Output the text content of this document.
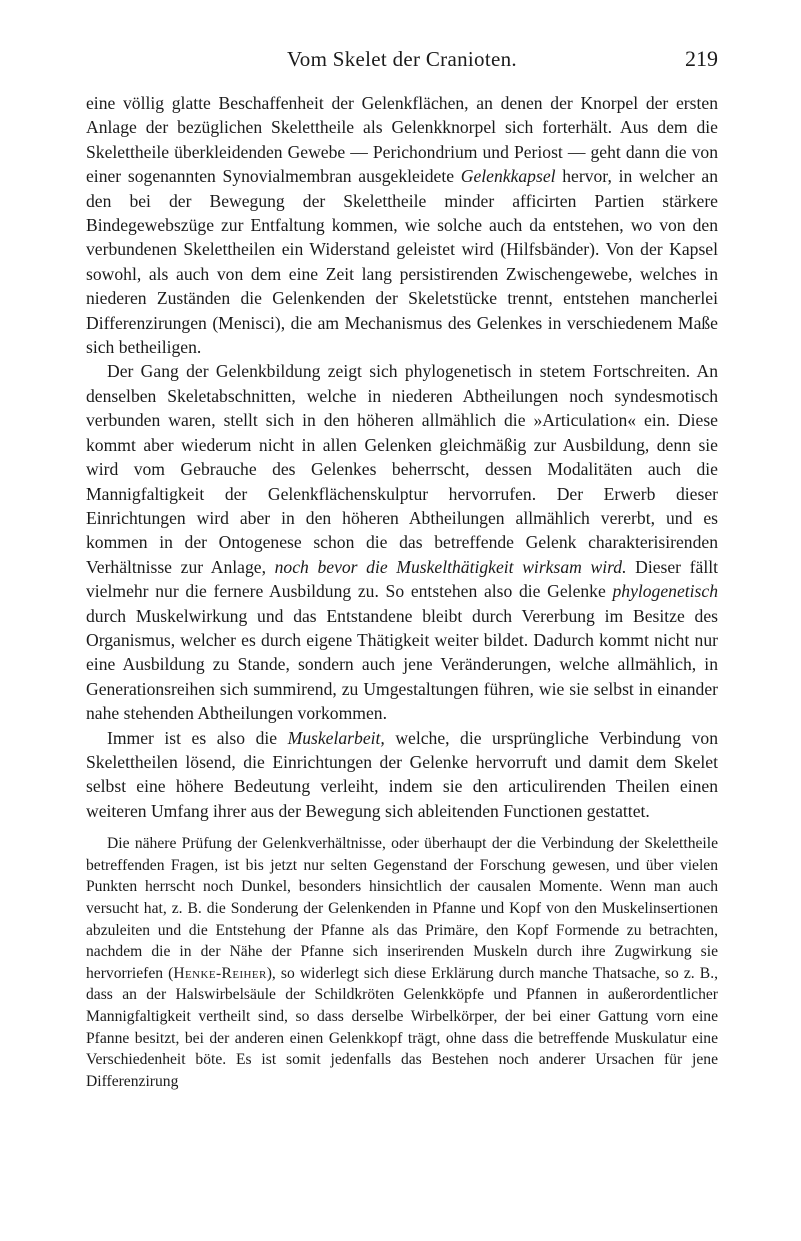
Vom Skelet der Cranioten.	219

eine völlig glatte Beschaffenheit der Gelenkflächen, an denen der Knorpel der ersten Anlage der bezüglichen Skelettheile als Gelenkknorpel sich forterhält. Aus dem die Skelettheile überkleidenden Gewebe — Perichondrium und Periost — geht dann die von einer sogenannten Synovialmembran ausgekleidete Gelenkkapsel hervor, in welcher an den bei der Bewegung der Skelettheile minder afficirten Partien stärkere Bindegewebszüge zur Entfaltung kommen, wie solche auch da entstehen, wo von den verbundenen Skelettheilen ein Widerstand geleistet wird (Hilfsbänder). Von der Kapsel sowohl, als auch von dem eine Zeit lang persistirenden Zwischengewebe, welches in niederen Zuständen die Gelenkenden der Skeletstücke trennt, entstehen mancherlei Differenzirungen (Menisci), die am Mechanismus des Gelenkes in verschiedenem Maße sich betheiligen.

Der Gang der Gelenkbildung zeigt sich phylogenetisch in stetem Fortschreiten. An denselben Skeletabschnitten, welche in niederen Abtheilungen noch syndesmotisch verbunden waren, stellt sich in den höheren allmählich die »Articulation« ein. Diese kommt aber wiederum nicht in allen Gelenken gleichmäßig zur Ausbildung, denn sie wird vom Gebrauche des Gelenkes beherrscht, dessen Modalitäten auch die Mannigfaltigkeit der Gelenkflächenskulptur hervorrufen. Der Erwerb dieser Einrichtungen wird aber in den höheren Abtheilungen allmählich vererbt, und es kommen in der Ontogenese schon die das betreffende Gelenk charakterisirenden Verhältnisse zur Anlage, noch bevor die Muskelthätigkeit wirksam wird. Dieser fällt vielmehr nur die fernere Ausbildung zu. So entstehen also die Gelenke phylogenetisch durch Muskelwirkung und das Entstandene bleibt durch Vererbung im Besitze des Organismus, welcher es durch eigene Thätigkeit weiter bildet. Dadurch kommt nicht nur eine Ausbildung zu Stande, sondern auch jene Veränderungen, welche allmählich, in Generationsreihen sich summirend, zu Umgestaltungen führen, wie sie selbst in einander nahe stehenden Abtheilungen vorkommen.

Immer ist es also die Muskelarbeit, welche, die ursprüngliche Verbindung von Skelettheilen lösend, die Einrichtungen der Gelenke hervorruft und damit dem Skelet selbst eine höhere Bedeutung verleiht, indem sie den articulirenden Theilen einen weiteren Umfang ihrer aus der Bewegung sich ableitenden Functionen gestattet.

Die nähere Prüfung der Gelenkverhältnisse, oder überhaupt der die Verbindung der Skelettheile betreffenden Fragen, ist bis jetzt nur selten Gegenstand der Forschung gewesen, und über vielen Punkten herrscht noch Dunkel, besonders hinsichtlich der causalen Momente. Wenn man auch versucht hat, z. B. die Sonderung der Gelenkenden in Pfanne und Kopf von den Muskelinsertionen abzuleiten und die Entstehung der Pfanne als das Primäre, den Kopf Formende zu betrachten, nachdem die in der Nähe der Pfanne sich inserirenden Muskeln durch ihre Zugwirkung sie hervorriefen (Henke-Reiher), so widerlegt sich diese Erklärung durch manche Thatsache, so z. B., dass an der Halswirbelsäule der Schildkröten Gelenkköpfe und Pfannen in außerordentlicher Mannigfaltigkeit vertheilt sind, so dass derselbe Wirbelkörper, der bei einer Gattung vorn eine Pfanne besitzt, bei der anderen einen Gelenkkopf trägt, ohne dass die betreffende Muskulatur eine Verschiedenheit böte. Es ist somit jedenfalls das Bestehen noch anderer Ursachen für jene Differenzirung
